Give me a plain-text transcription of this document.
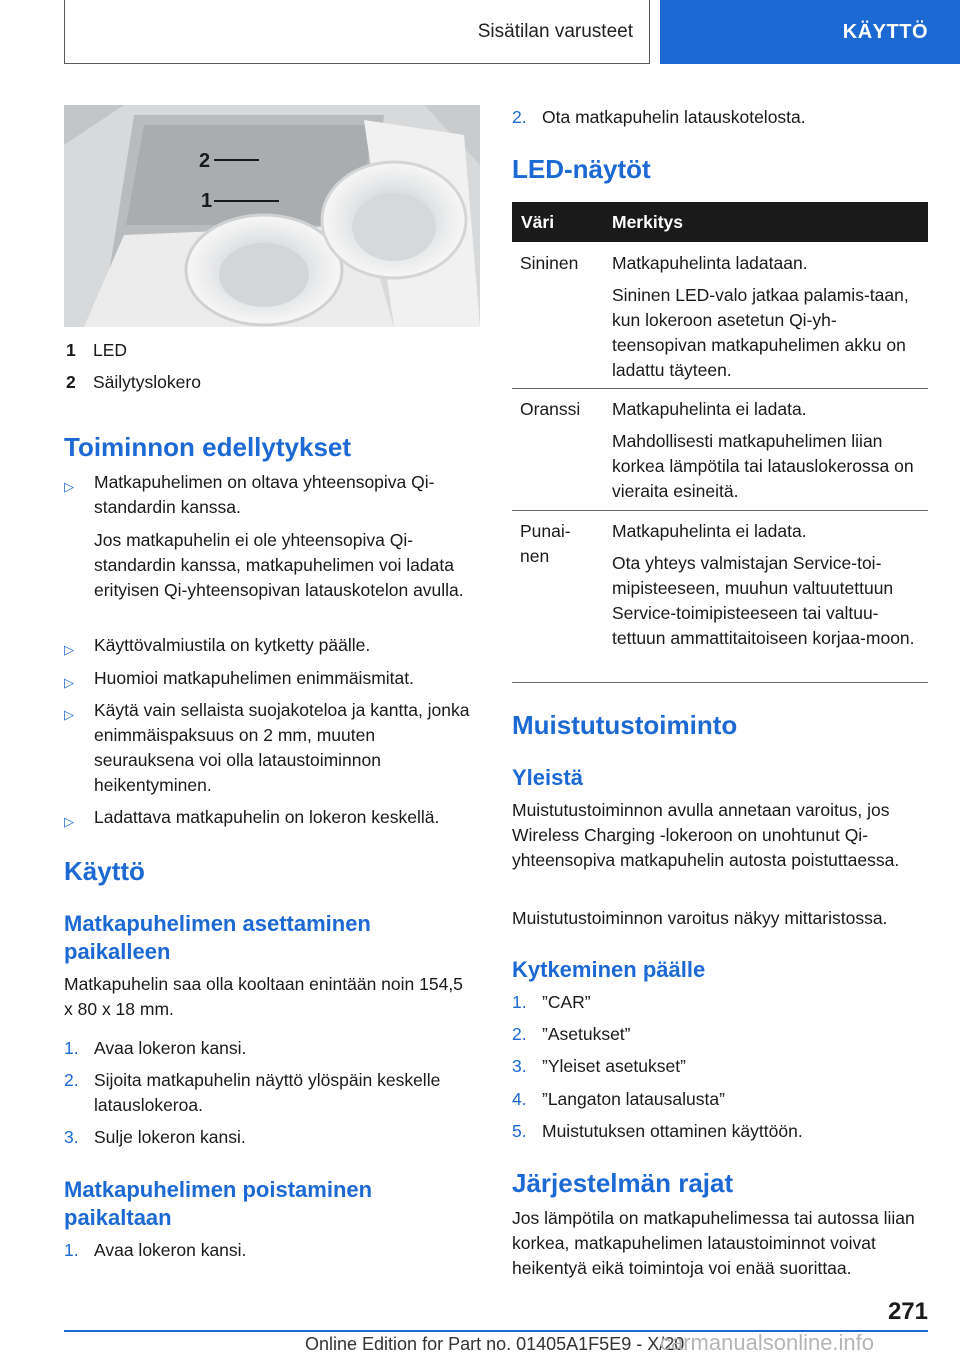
Sisätilan varusteet	KÄYTTÖ
2
1
1 LED
2 Säilytyslokero
Toiminnon edellytykset
▷ Matkapuhelimen on oltava yhteensopiva Qi-standardin kanssa.
Jos matkapuhelin ei ole yhteensopiva Qi-standardin kanssa, matkapuhelimen voi ladata erityisen Qi-yhteensopivan latauskotelon avulla.
▷ Käyttövalmiustila on kytketty päälle.
▷ Huomioi matkapuhelimen enimmäismitat.
▷ Käytä vain sellaista suojakoteloa ja kantta, jonka enimmäispaksuus on 2 mm, muuten seurauksena voi olla lataustoiminnon heikentyminen.
▷ Ladattava matkapuhelin on lokeron keskellä.
Käyttö
Matkapuhelimen asettaminen paikalleen

Matkapuhelin saa olla kooltaan enintään noin 154,5 x 80 x 18 mm.

1. Avaa lokeron kansi.
2. Sijoita matkapuhelin näyttö ylöspäin keskelle latauslokeroa.
3. Sulje lokeron kansi.
Matkapuhelimen poistaminen paikaltaan
1. Avaa lokeron kansi.
2. Ota matkapuhelin latauskotelosta.
LED-näytöt
Väri	Merkitys
Sininen Matkapuhelinta ladataan.
Sininen LED-valo jatkaa palamis-taan, kun lokeroon asetetun Qi-yh-teensopivan matkapuhelimen akku on ladattu täyteen.
Oranssi Matkapuhelinta ei ladata.
Mahdollisesti matkapuhelimen liian korkea lämpötila tai latauslokerossa on vieraita esineitä.
Punai-nen
Matkapuhelinta ei ladata.
Ota yhteys valmistajan Service-toi-mipisteeseen, muuhun valtuutettuun Service-toimipisteeseen tai valtuu-tettuun ammattitaitoiseen korjaa-moon.
Muistutustoiminto
Yleistä

Muistutustoiminnon avulla annetaan varoitus, jos Wireless Charging -lokeroon on unohtunut Qi-yhteensopiva matkapuhelin autosta poistuttaessa.

Muistutustoiminnon varoitus näkyy mittaristossa.

Kytkeminen päälle
1. ”CAR”
2. ”Asetukset”
3. ”Yleiset asetukset”
4. ”Langaton latausalusta”
5. Muistutuksen ottaminen käyttöön.
Järjestelmän rajat

Jos lämpötila on matkapuhelimessa tai autossa liian korkea, matkapuhelimen lataustoiminnot voivat heikentyä eikä toimintoja voi enää suorittaa.

271
Online Edition for Part no. 01405A1F5E9 - X/20
carmanualsonline.info
